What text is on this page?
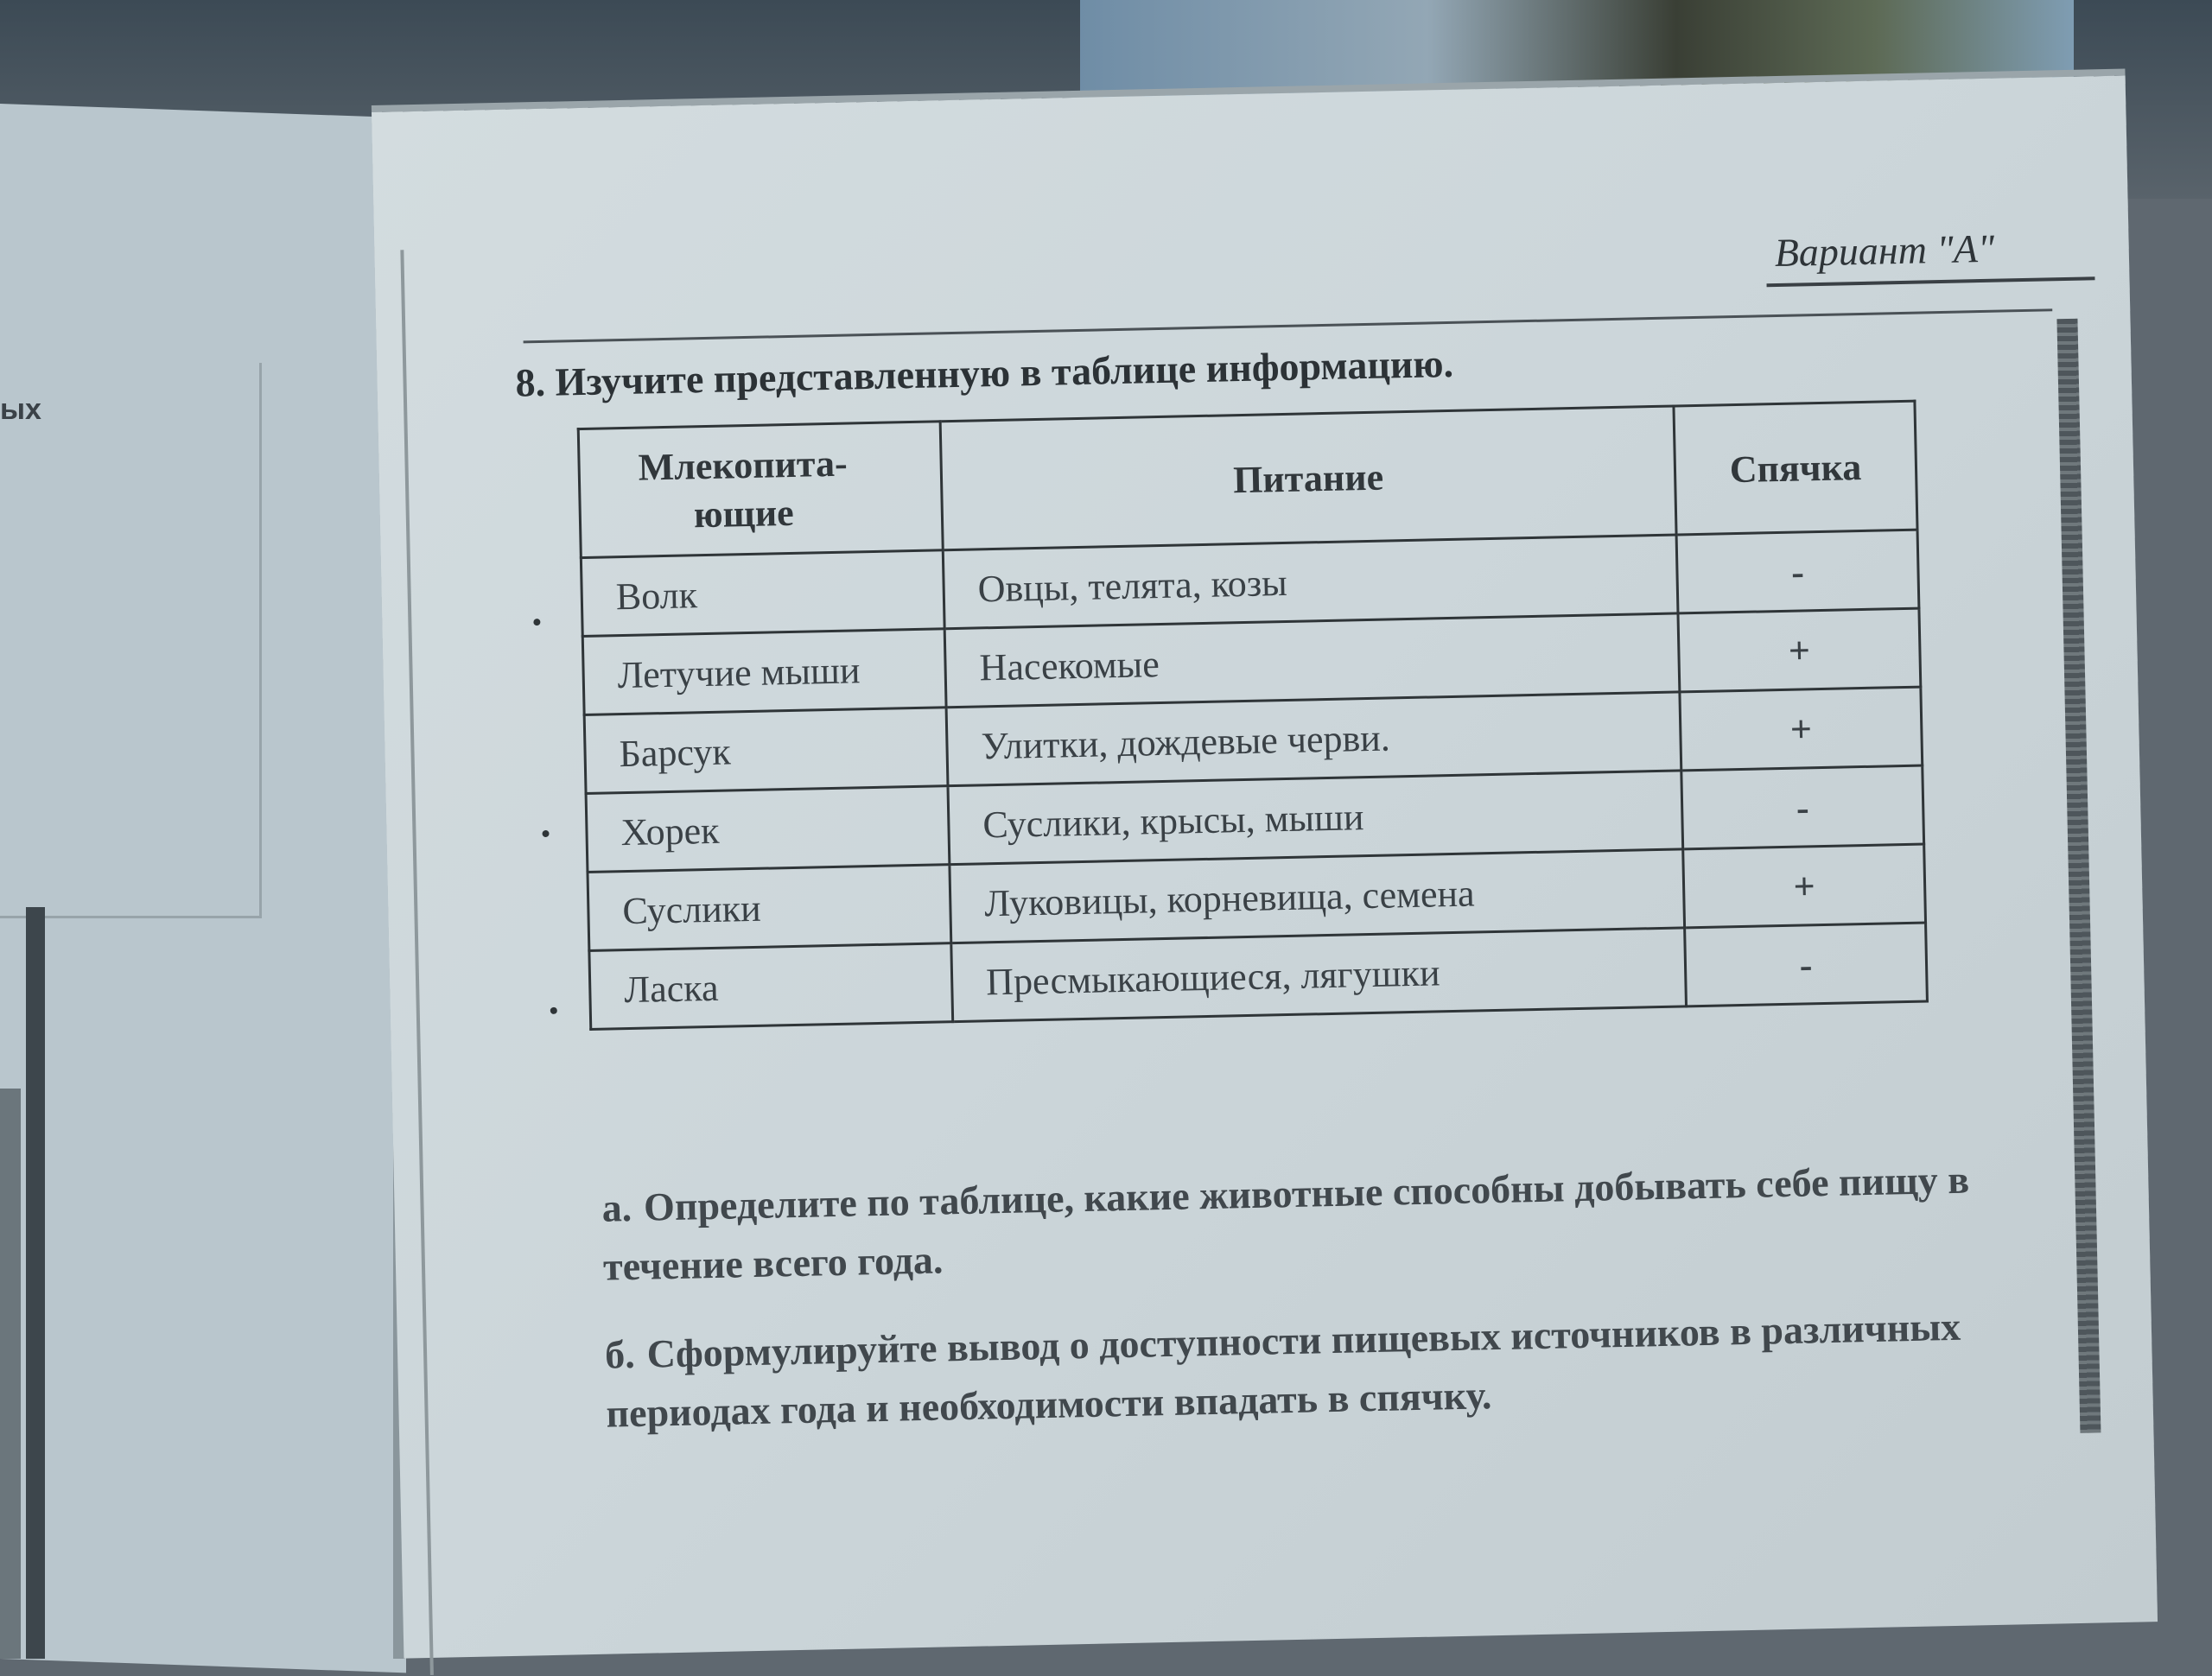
ых
Вариант "А"
8. Изучите представленную в таблице информацию.
Млекопита-ющие	Питание	Спячка
Волк	Овцы, телята, козы	-
Летучие мыши	Насекомые	+
Барсук	Улитки, дождевые черви.	+
Хорек	Суслики, крысы, мыши	-
Суслики	Луковицы, корневища, семена	+
Ласка	Пресмыкающиеся, лягушки	-
а. Определите по таблице, какие животные способны добывать себе пищу в течение всего года.
б. Сформулируйте вывод о доступности пищевых источников в различных периодах года и необходимости впадать в спячку.
